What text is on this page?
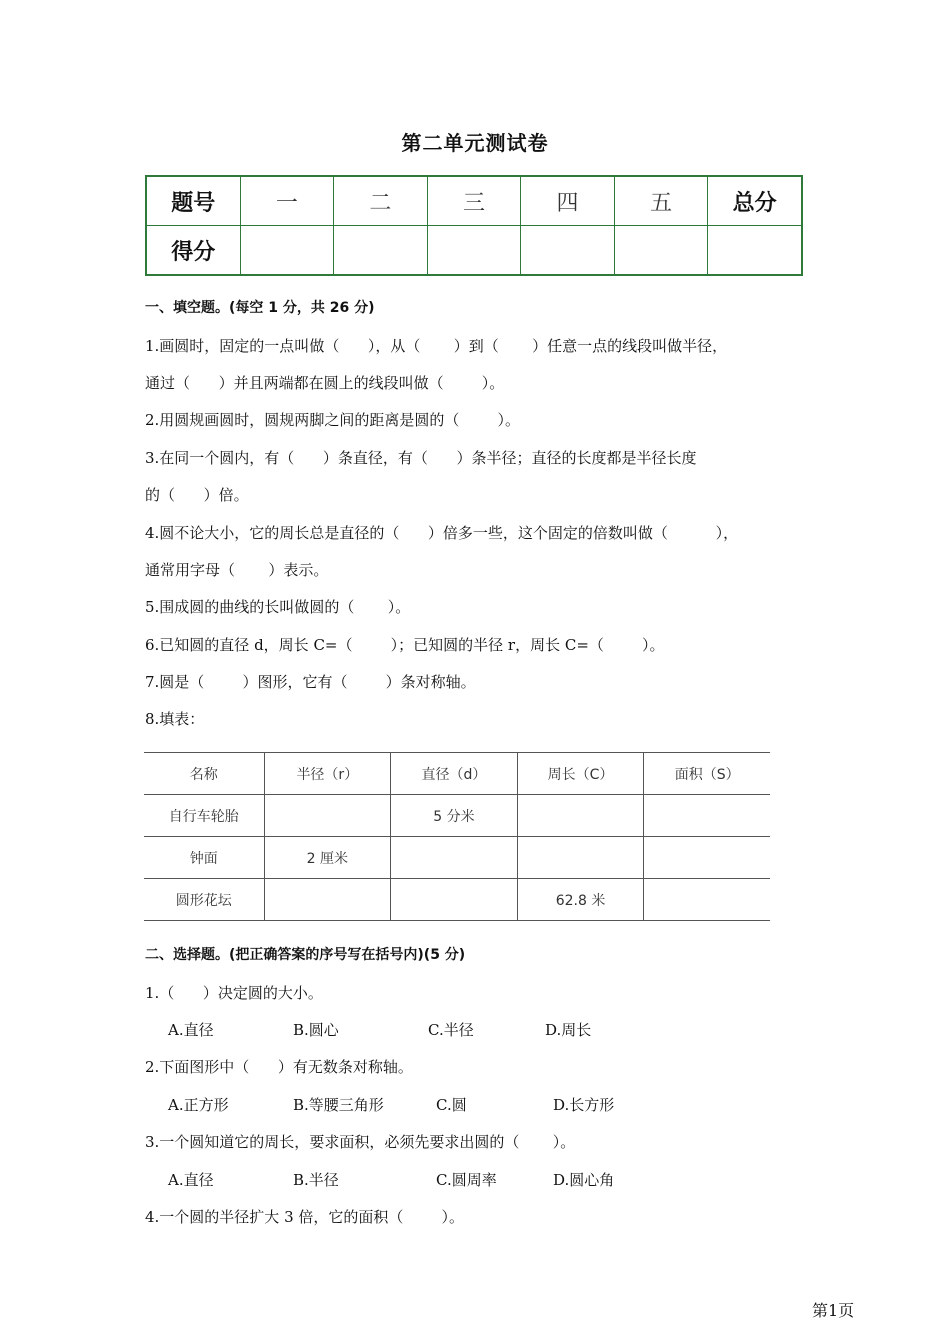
第二单元测试卷
题号	一	二	三	四	五	总分
得分						
一、填空题。(每空 1 分，共 26 分)
1.画圆时，固定的一点叫做（      ），从（       ）到（       ）任意一点的线段叫做半径，
通过（      ）并且两端都在圆上的线段叫做（        ）。
2.用圆规画圆时，圆规两脚之间的距离是圆的（        ）。
3.在同一个圆内，有（      ）条直径，有（      ）条半径；直径的长度都是半径长度
的（      ）倍。
4.圆不论大小，它的周长总是直径的（      ）倍多一些，这个固定的倍数叫做（          ），
通常用字母（       ）表示。
5.围成圆的曲线的长叫做圆的（       ）。
6.已知圆的直径 d，周长 C=（        ）；已知圆的半径 r，周长 C=（        ）。
7.圆是（        ）图形，它有（        ）条对称轴。
8.填表：
名称	半径（r）	直径（d）	周长（C）	面积（S）
自行车轮胎		5 分米		
钟面	2 厘米			
圆形花坛			62.8 米	
二、选择题。(把正确答案的序号写在括号内)(5 分)
1.（      ）决定圆的大小。
A.直径	B.圆心	C.半径	D.周长
2.下面图形中（      ）有无数条对称轴。
A.正方形	B.等腰三角形	C.圆	D.长方形
3.一个圆知道它的周长，要求面积，必须先要求出圆的（       ）。
A.直径	B.半径	C.圆周率	D.圆心角
4.一个圆的半径扩大 3 倍，它的面积（        ）。
第1页
